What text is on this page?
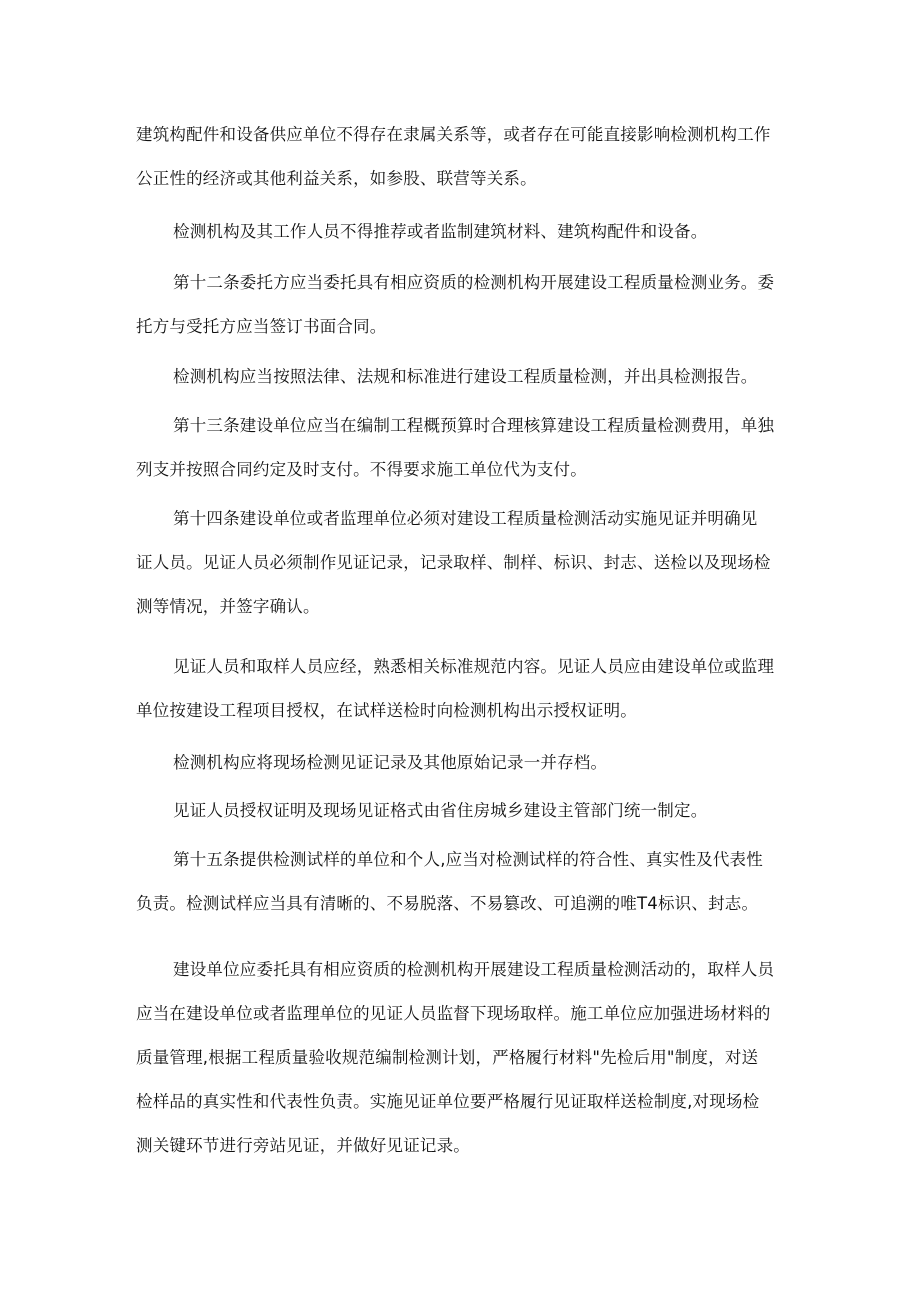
建筑构配件和设备供应单位不得存在隶属关系等，或者存在可能直接影响检测机构工作
公正性的经济或其他利益关系，如参股、联营等关系。
检测机构及其工作人员不得推荐或者监制建筑材料、建筑构配件和设备。
第十二条委托方应当委托具有相应资质的检测机构开展建设工程质量检测业务。委
托方与受托方应当签订书面合同。
检测机构应当按照法律、法规和标准进行建设工程质量检测，并出具检测报告。
第十三条建设单位应当在编制工程概预算时合理核算建设工程质量检测费用，单独
列支并按照合同约定及时支付。不得要求施工单位代为支付。
第十四条建设单位或者监理单位必须对建设工程质量检测活动实施见证并明确见
证人员。见证人员必须制作见证记录，记录取样、制样、标识、封志、送检以及现场检
测等情况，并签字确认。
见证人员和取样人员应经，熟悉相关标准规范内容。见证人员应由建设单位或监理
单位按建设工程项目授权，在试样送检时向检测机构出示授权证明。
检测机构应将现场检测见证记录及其他原始记录一并存档。
见证人员授权证明及现场见证格式由省住房城乡建设主管部门统一制定。
第十五条提供检测试样的单位和个人,应当对检测试样的符合性、真实性及代表性
负责。检测试样应当具有清晰的、不易脱落、不易篡改、可追溯的唯T4标识、封志。
建设单位应委托具有相应资质的检测机构开展建设工程质量检测活动的，取样人员
应当在建设单位或者监理单位的见证人员监督下现场取样。施工单位应加强进场材料的
质量管理,根据工程质量验收规范编制检测计划，严格履行材料"先检后用"制度，对送
检样品的真实性和代表性负责。实施见证单位要严格履行见证取样送检制度,对现场检
测关键环节进行旁站见证，并做好见证记录。
